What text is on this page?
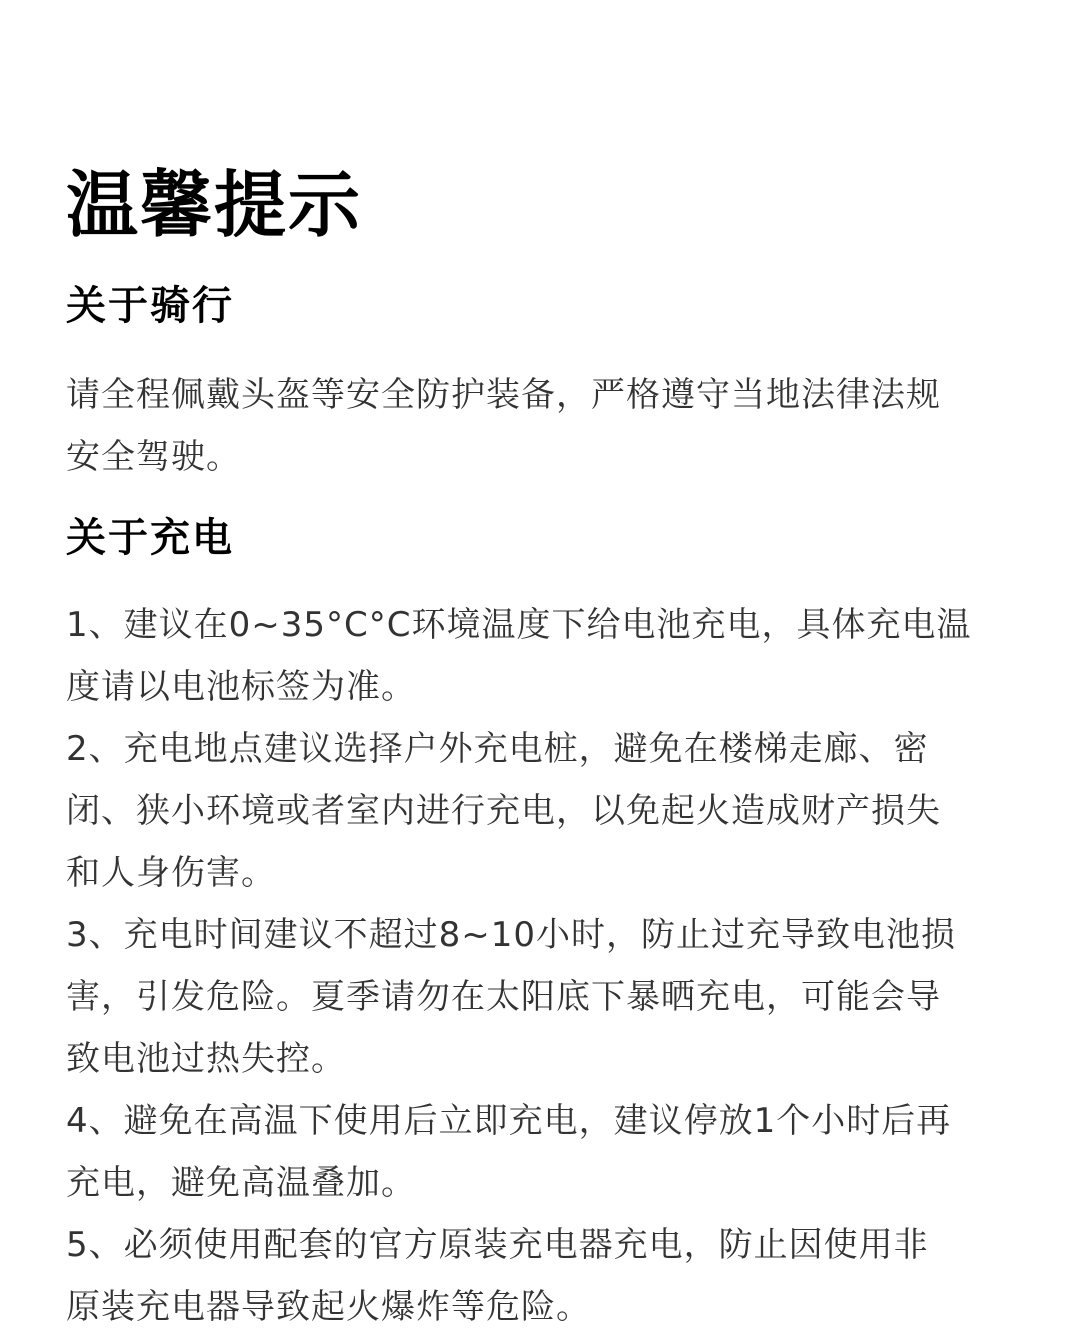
温馨提示
关于骑行
请全程佩戴头盔等安全防护装备，严格遵守当地法律法规
安全驾驶。
关于充电
1、建议在0~35°C°C环境温度下给电池充电，具体充电温
度请以电池标签为准。
2、充电地点建议选择户外充电桩，避免在楼梯走廊、密
闭、狭小环境或者室内进行充电，以免起火造成财产损失
和人身伤害。
3、充电时间建议不超过8~10小时，防止过充导致电池损
害，引发危险。夏季请勿在太阳底下暴晒充电，可能会导
致电池过热失控。
4、避免在高温下使用后立即充电，建议停放1个小时后再
充电，避免高温叠加。
5、必须使用配套的官方原装充电器充电，防止因使用非
原装充电器导致起火爆炸等危险。
